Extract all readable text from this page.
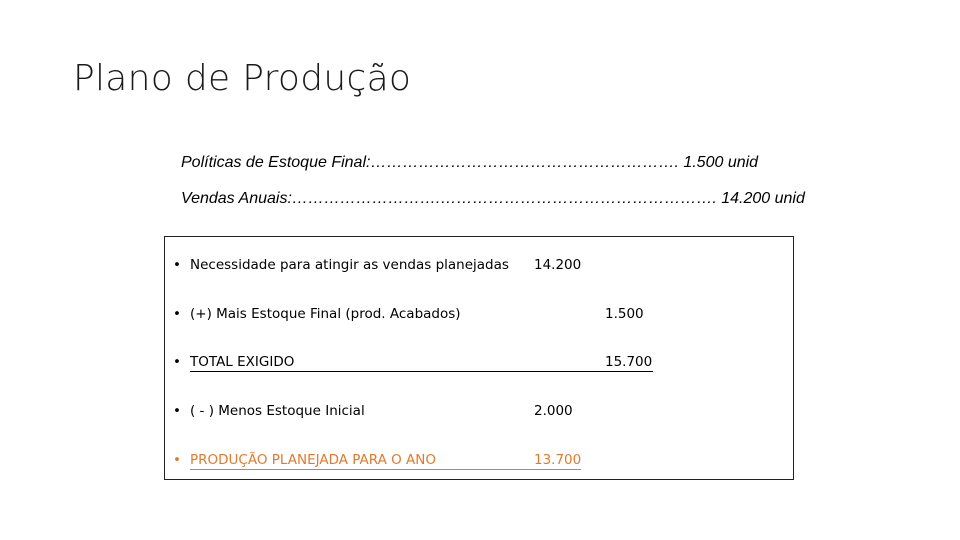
Plano de Produção
Políticas de Estoque Final:…………………………………………………. 1.500 unid
Vendas Anuais:……………………….……………………………………………. 14.200 unid
• Necessidade para atingir as vendas planejadas 14.200
• (+) Mais Estoque Final (prod. Acabados)	1.500
• TOTAL EXIGIDO	15.700
• ( - ) Menos Estoque Inicial	2.000
• PRODUÇÃO PLANEJADA PARA O ANO	13.700
